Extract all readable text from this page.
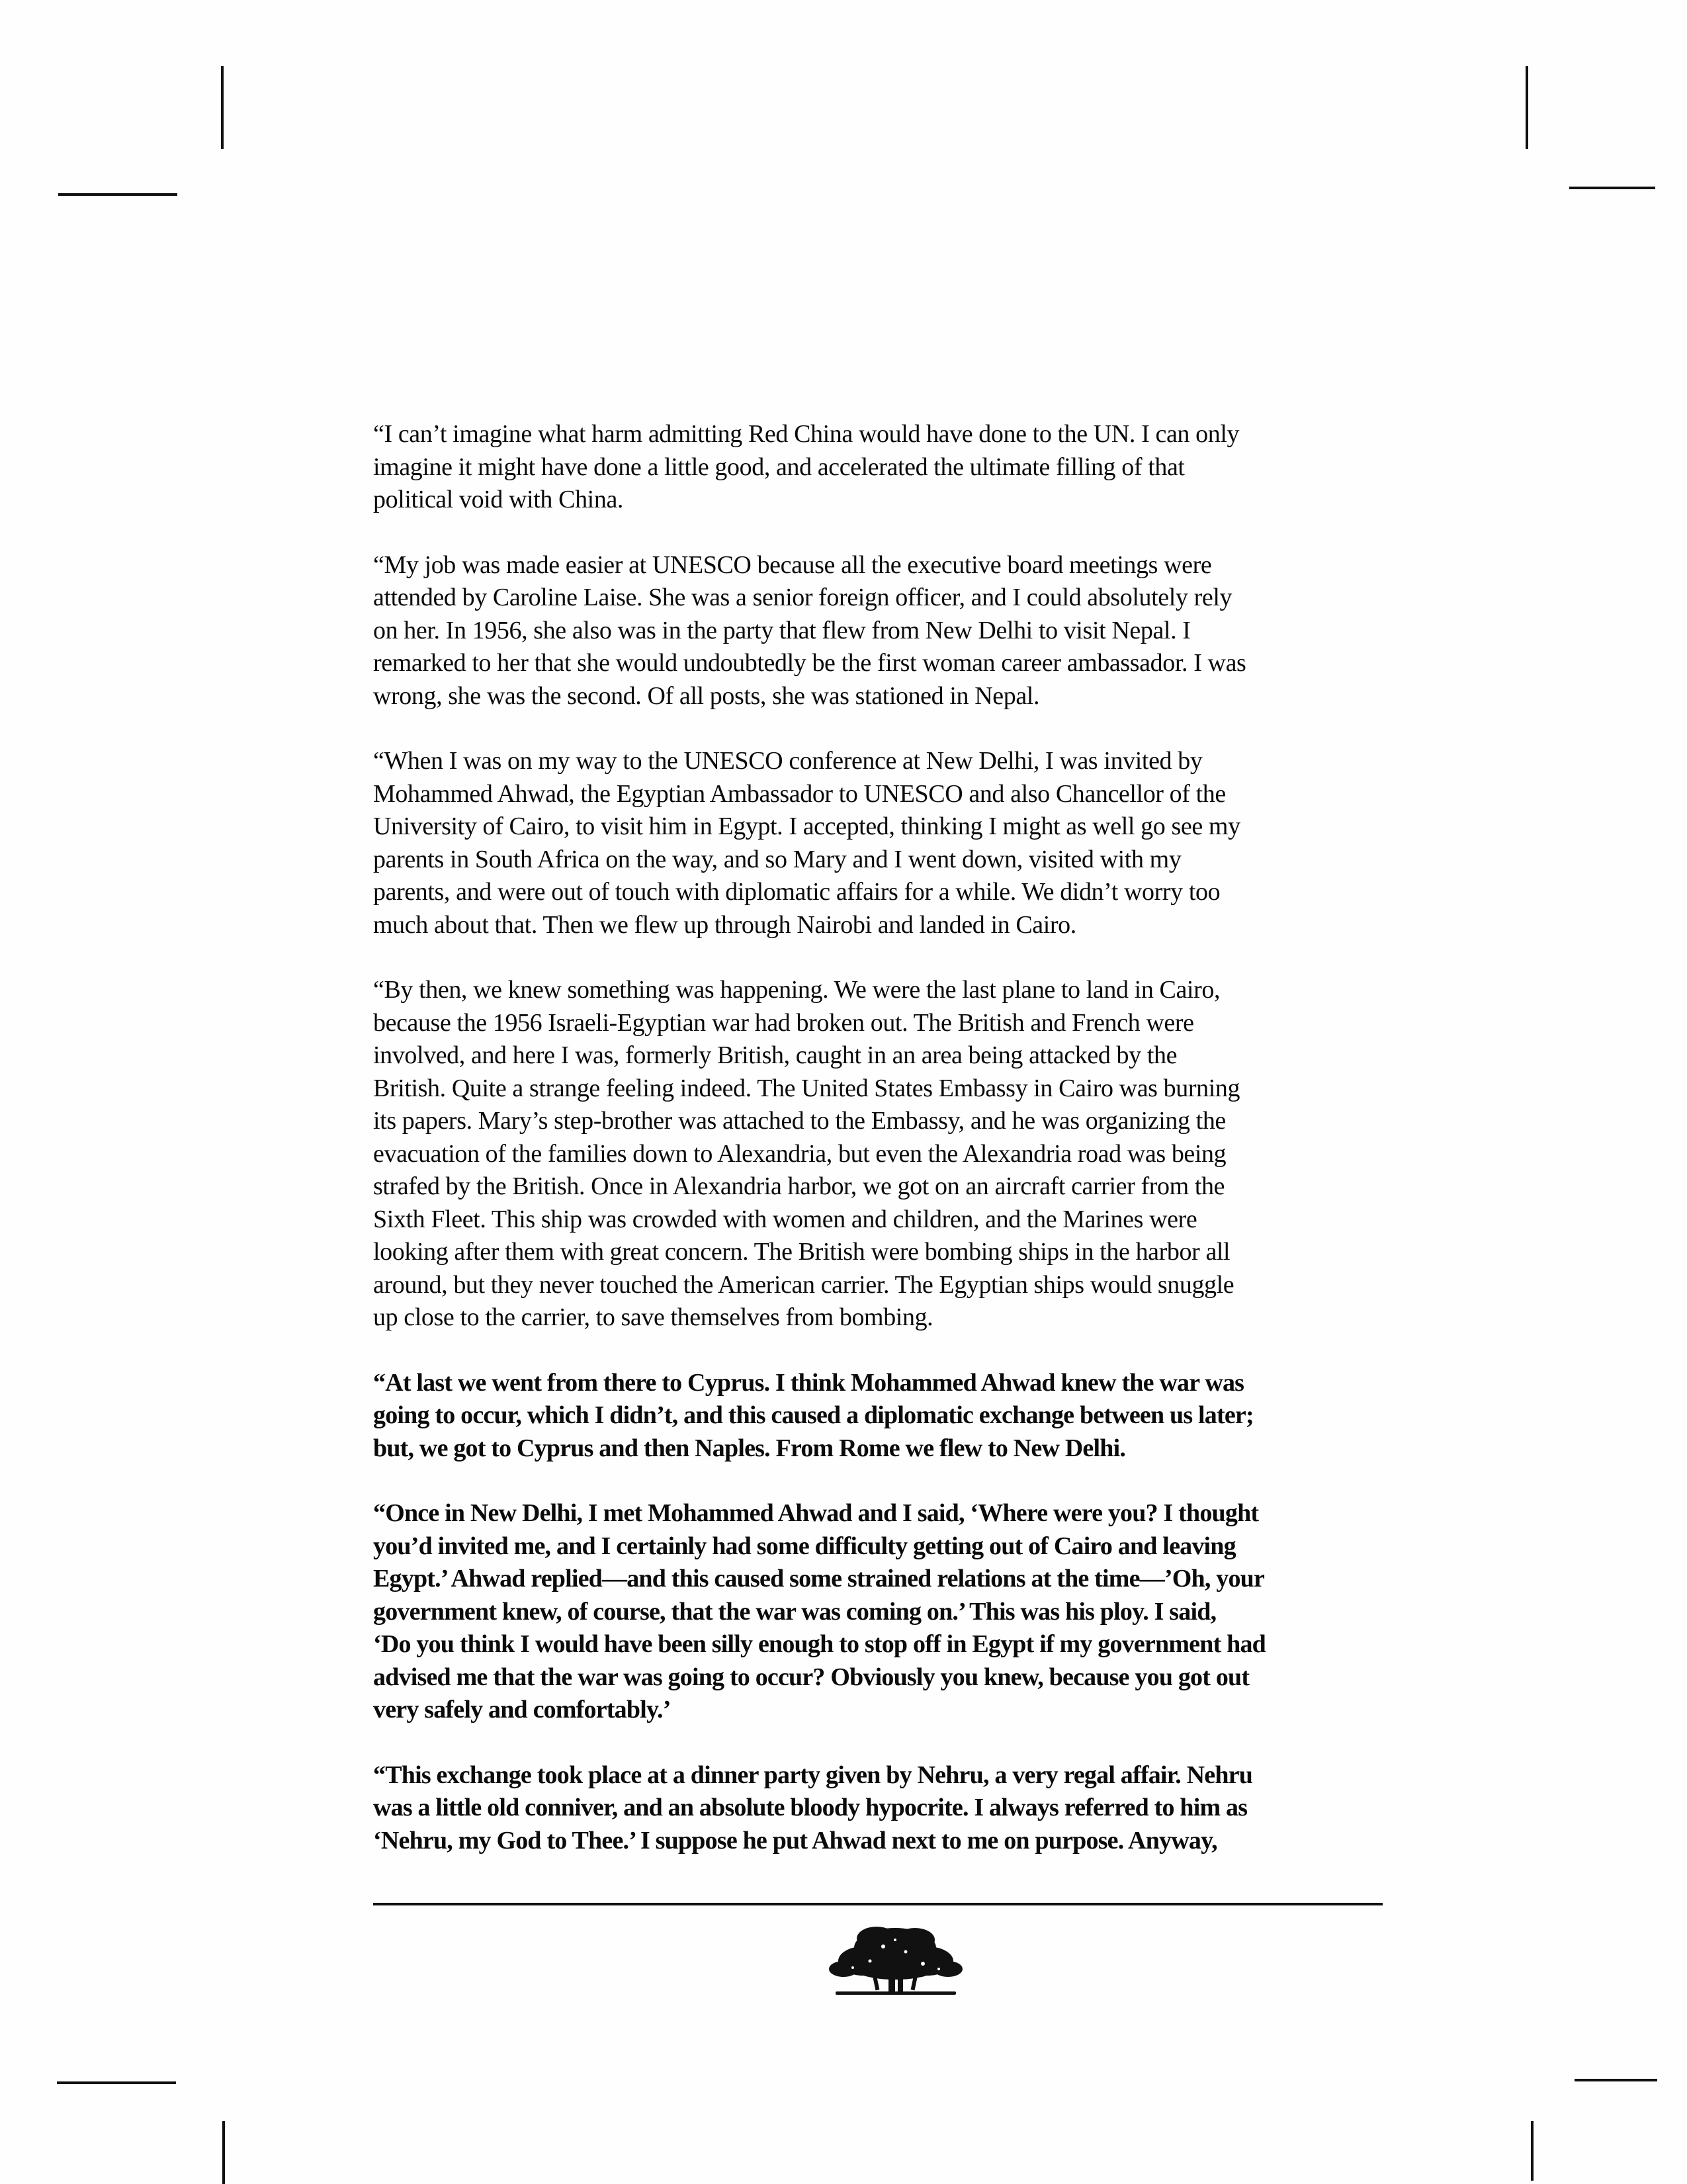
“I can’t imagine what harm admitting Red China would have done to the UN. I can only
imagine it might have done a little good, and accelerated the ultimate filling of that
political void with China.

“My job was made easier at UNESCO because all the executive board meetings were
attended by Caroline Laise. She was a senior foreign officer, and I could absolutely rely
on her. In 1956, she also was in the party that flew from New Delhi to visit Nepal. I
remarked to her that she would undoubtedly be the first woman career ambassador. I was
wrong, she was the second. Of all posts, she was stationed in Nepal.

“When I was on my way to the UNESCO conference at New Delhi, I was invited by
Mohammed Ahwad, the Egyptian Ambassador to UNESCO and also Chancellor of the
University of Cairo, to visit him in Egypt. I accepted, thinking I might as well go see my
parents in South Africa on the way, and so Mary and I went down, visited with my
parents, and were out of touch with diplomatic affairs for a while. We didn’t worry too
much about that. Then we flew up through Nairobi and landed in Cairo.

“By then, we knew something was happening. We were the last plane to land in Cairo,
because the 1956 Israeli-Egyptian war had broken out. The British and French were
involved, and here I was, formerly British, caught in an area being attacked by the
British. Quite a strange feeling indeed. The United States Embassy in Cairo was burning
its papers. Mary’s step-brother was attached to the Embassy, and he was organizing the
evacuation of the families down to Alexandria, but even the Alexandria road was being
strafed by the British. Once in Alexandria harbor, we got on an aircraft carrier from the
Sixth Fleet. This ship was crowded with women and children, and the Marines were
looking after them with great concern. The British were bombing ships in the harbor all
around, but they never touched the American carrier. The Egyptian ships would snuggle
up close to the carrier, to save themselves from bombing.

“At last we went from there to Cyprus. I think Mohammed Ahwad knew the war was
going to occur, which I didn’t, and this caused a diplomatic exchange between us later;
but, we got to Cyprus and then Naples. From Rome we flew to New Delhi.

“Once in New Delhi, I met Mohammed Ahwad and I said, ‘Where were you? I thought
you’d invited me, and I certainly had some difficulty getting out of Cairo and leaving
Egypt.’ Ahwad replied—and this caused some strained relations at the time—’Oh, your
government knew, of course, that the war was coming on.’ This was his ploy. I said,
‘Do you think I would have been silly enough to stop off in Egypt if my government had
advised me that the war was going to occur? Obviously you knew, because you got out
very safely and comfortably.’

“This exchange took place at a dinner party given by Nehru, a very regal affair. Nehru
was a little old conniver, and an absolute bloody hypocrite. I always referred to him as
‘Nehru, my God to Thee.’ I suppose he put Ahwad next to me on purpose. Anyway,
